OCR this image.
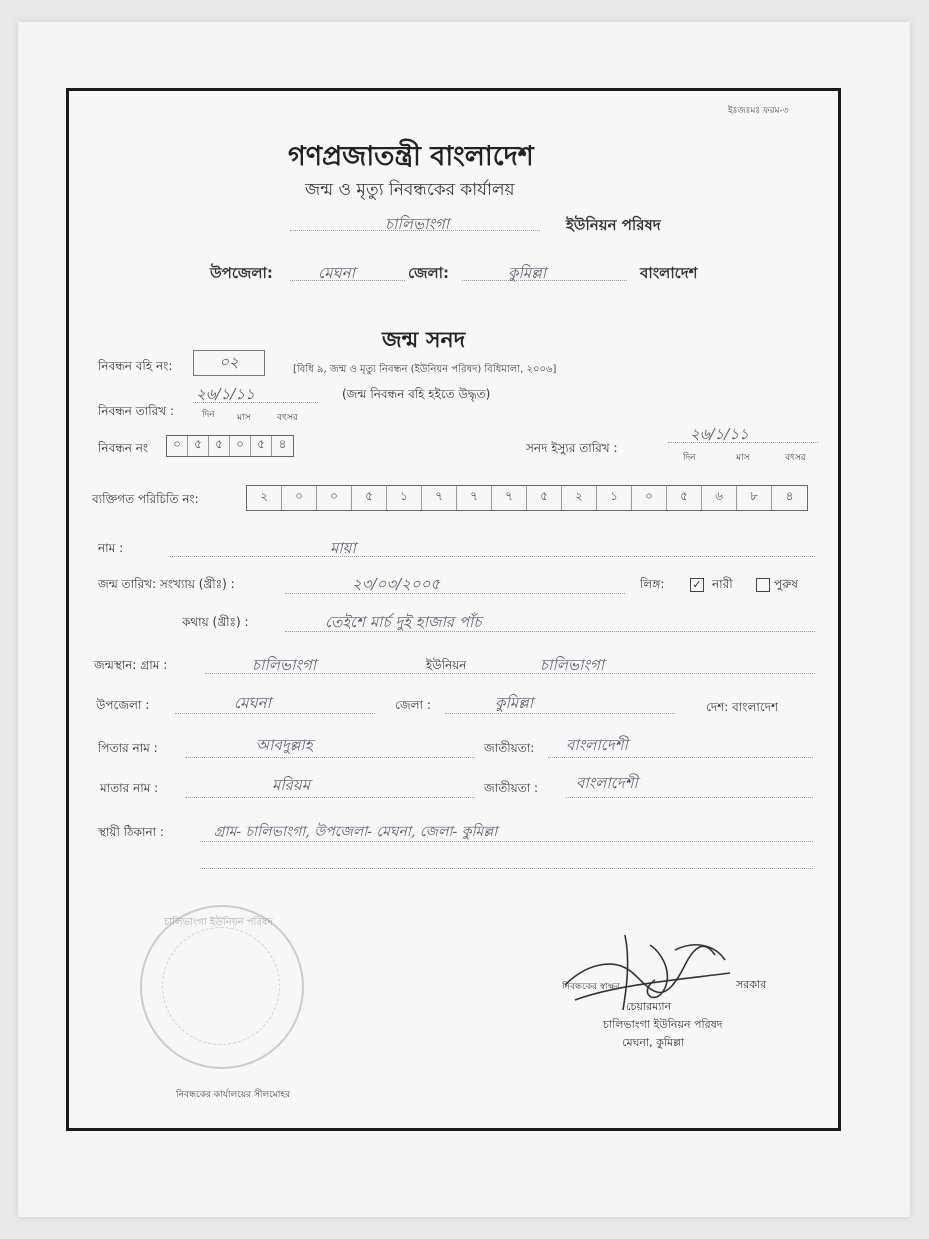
ইঃজঃমঃ ফরম-৩
গণপ্রজাতন্ত্রী বাংলাদেশ
জন্ম ও মৃত্যু নিবন্ধকের কার্যালয়
চালিভাংগা	ইউনিয়ন পরিষদ
উপজেলা:	মেঘনা	জেলা:	কুমিল্লা	বাংলাদেশ
জন্ম সনদ
নিবন্ধন বহি নং:	০২	[বিধি ৯, জন্ম ও মৃত্যু নিবন্ধন (ইউনিয়ন পরিষদ) বিধিমালা, ২০০৬]
নিবন্ধন তারিখ :
২৬/১/১১
দিন মাস	বৎসর
(জন্ম নিবন্ধন বহি হইতে উদ্ধৃত)
নিবন্ধন নং	০	৫	৫	০	৫	৪	সনদ ইস্যুর তারিখ :
২৬/১/১১
দিন	মাস	বৎসর
ব্যক্তিগত পরিচিতি নং:	২	০	০	৫	১	৭	৭	৭	৫	২	১	০	৫	৬	৮	৪
নাম :	মায়া
জন্ম তারিখ: সংখ্যায় (খ্রীঃ) :	২৩/০৩/২০০৫	লিঙ্গ:	✓ নারী	পুরুষ
কথায় (খ্রীঃ) :	তেইশে মার্চ দুই হাজার পাঁচ
জন্মস্থান: গ্রাম :	চালিভাংগা	ইউনিয়ন	চালিভাংগা
উপজেলা :	মেঘনা	জেলা :	কুমিল্লা	দেশ: বাংলাদেশ
পিতার নাম :	আবদুল্লাহ	জাতীয়তা: বাংলাদেশী
মাতার নাম :	মরিয়ম	জাতীয়তা :	বাংলাদেশী
স্থায়ী ঠিকানা :	গ্রাম- চালিভাংগা, উপজেলা- মেঘনা, জেলা- কুমিল্লা
চালিভাংগা ইউনিয়ন পরিষদ
নিবন্ধকের কার্যালয়ের সীলমোহর
নিবন্ধকের স্বাক্ষর	সরকার
চেয়ারম্যান
চালিভাংগা ইউনিয়ন পরিষদ
মেঘনা, কুমিল্লা
